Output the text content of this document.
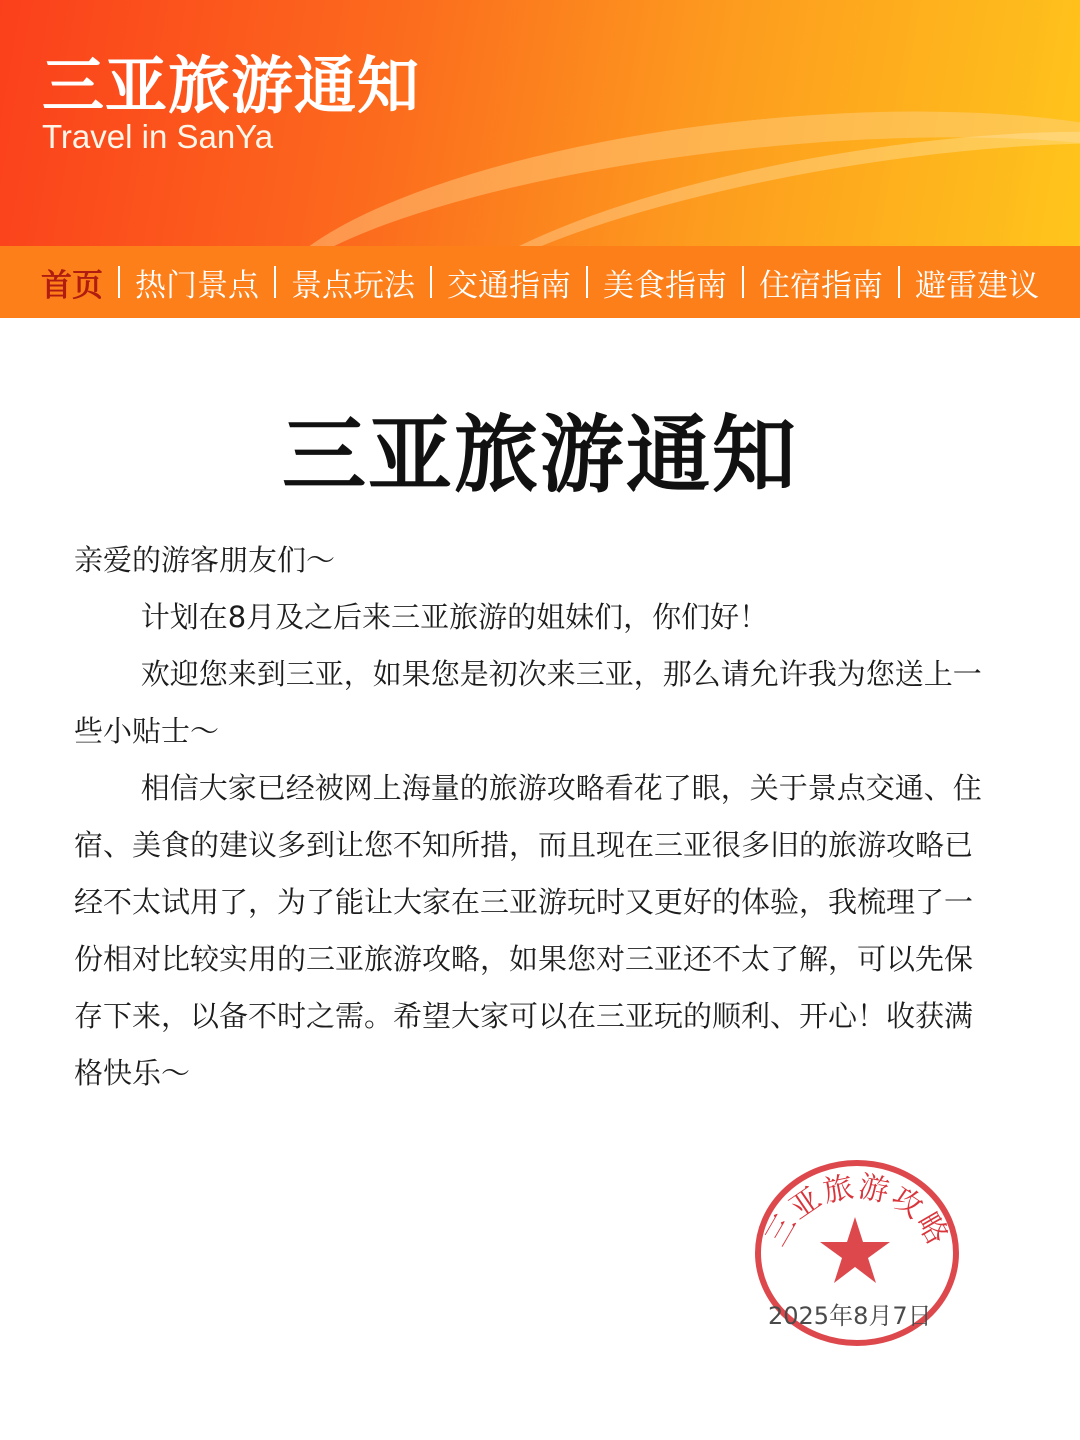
三亚旅游通知
Travel in SanYa
首页 热门景点 景点玩法 交通指南 美食指南 住宿指南 避雷建议
三亚旅游通知

亲爱的游客朋友们～

计划在8月及之后来三亚旅游的姐妹们，你们好！

欢迎您来到三亚，如果您是初次来三亚，那么请允许我为您送上一些小贴士～

相信大家已经被网上海量的旅游攻略看花了眼，关于景点交通、住宿、美食的建议多到让您不知所措，而且现在三亚很多旧的旅游攻略已经不太试用了，为了能让大家在三亚游玩时又更好的体验，我梳理了一份相对比较实用的三亚旅游攻略，如果您对三亚还不太了解，可以先保存下来，以备不时之需。希望大家可以在三亚玩的顺利、开心！收获满格快乐～

三亚旅游攻略
2025年8月7日
